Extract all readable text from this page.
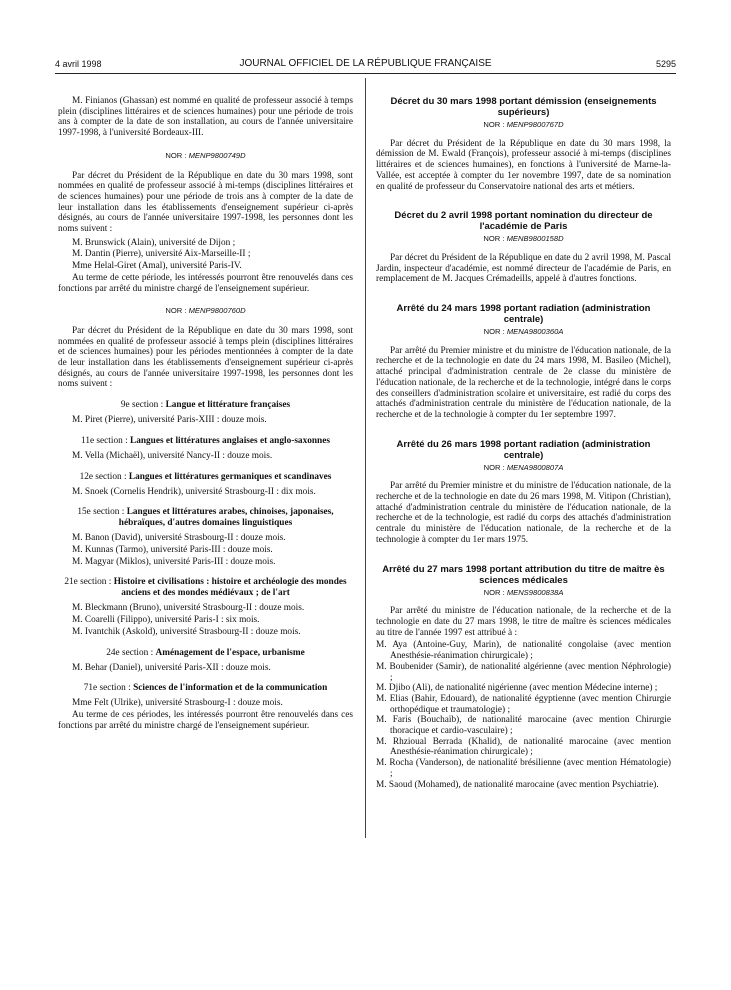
4 avril 1998	JOURNAL OFFICIEL DE LA RÉPUBLIQUE FRANÇAISE	5295

M. Finianos (Ghassan) est nommé en qualité de professeur associé à temps plein (disciplines littéraires et de sciences humaines) pour une période de trois ans à compter de la date de son installation, au cours de l'année universitaire 1997-1998, à l'université Bordeaux-III.

NOR : MENP9800749D

Par décret du Président de la République en date du 30 mars 1998, sont nommées en qualité de professeur associé à mi-temps (disciplines littéraires et de sciences humaines) pour une période de trois ans à compter de la date de leur installation dans les établissements d'enseignement supérieur ci-après désignés, au cours de l'année universitaire 1997-1998, les personnes dont les noms suivent :

M. Brunswick (Alain), université de Dijon ;

M. Dantin (Pierre), université Aix-Marseille-II ;

Mme Helal-Giret (Amal), université Paris-IV.

Au terme de cette période, les intéressés pourront être renouvelés dans ces fonctions par arrêté du ministre chargé de l'enseignement supérieur.

NOR : MENP9800760D

Par décret du Président de la République en date du 30 mars 1998, sont nommées en qualité de professeur associé à temps plein (disciplines littéraires et de sciences humaines) pour les périodes mentionnées à compter de la date de leur installation dans les établissements d'enseignement supérieur ci-après désignés, au cours de l'année universitaire 1997-1998, les personnes dont les noms suivent :

9e section : Langue et littérature françaises

M. Piret (Pierre), université Paris-XIII : douze mois.

11e section : Langues et littératures anglaises et anglo-saxonnes

M. Vella (Michaël), université Nancy-II : douze mois.

12e section : Langues et littératures germaniques et scandinaves

M. Snoek (Cornelis Hendrik), université Strasbourg-II : dix mois.

15e section : Langues et littératures arabes, chinoises, japonaises, hébraïques, d'autres domaines linguistiques

M. Banon (David), université Strasbourg-II : douze mois.

M. Kunnas (Tarmo), université Paris-III : douze mois.

M. Magyar (Miklos), université Paris-III : douze mois.

21e section : Histoire et civilisations : histoire et archéologie des mondes anciens et des mondes médiévaux ; de l'art

M. Bleckmann (Bruno), université Strasbourg-II : douze mois.

M. Coarelli (Filippo), université Paris-I : six mois.

M. Ivantchik (Askold), université Strasbourg-II : douze mois.

24e section : Aménagement de l'espace, urbanisme

M. Behar (Daniel), université Paris-XII : douze mois.

71e section : Sciences de l'information et de la communication

Mme Felt (Ulrike), université Strasbourg-I : douze mois.

Au terme de ces périodes, les intéressés pourront être renouvelés dans ces fonctions par arrêté du ministre chargé de l'enseignement supérieur.

Décret du 30 mars 1998 portant démission (enseignements supérieurs)
NOR : MENP9800767D

Par décret du Président de la République en date du 30 mars 1998, la démission de M. Ewald (François), professeur associé à mi-temps (disciplines littéraires et de sciences humaines), en fonctions à l'université de Marne-la-Vallée, est acceptée à compter du 1er novembre 1997, date de sa nomination en qualité de professeur du Conservatoire national des arts et métiers.

Décret du 2 avril 1998 portant nomination du directeur de l'académie de Paris
NOR : MENB9800158D

Par décret du Président de la République en date du 2 avril 1998, M. Pascal Jardin, inspecteur d'académie, est nommé directeur de l'académie de Paris, en remplacement de M. Jacques Crémadeills, appelé à d'autres fonctions.

Arrêté du 24 mars 1998 portant radiation (administration centrale)
NOR : MENA9800360A

Par arrêté du Premier ministre et du ministre de l'éducation nationale, de la recherche et de la technologie en date du 24 mars 1998, M. Basileo (Michel), attaché principal d'administration centrale de 2e classe du ministère de l'éducation nationale, de la recherche et de la technologie, intégré dans le corps des conseillers d'administration scolaire et universitaire, est radié du corps des attachés d'administration centrale du ministère de l'éducation nationale, de la recherche et de la technologie à compter du 1er septembre 1997.

Arrêté du 26 mars 1998 portant radiation (administration centrale)
NOR : MENA9800807A

Par arrêté du Premier ministre et du ministre de l'éducation nationale, de la recherche et de la technologie en date du 26 mars 1998, M. Vitipon (Christian), attaché d'administration centrale du ministère de l'éducation nationale, de la recherche et de la technologie, est radié du corps des attachés d'administration centrale du ministère de l'éducation nationale, de la recherche et de la technologie à compter du 1er mars 1975.

Arrêté du 27 mars 1998 portant attribution du titre de maître ès sciences médicales
NOR : MENS9800838A

Par arrêté du ministre de l'éducation nationale, de la recherche et de la technologie en date du 27 mars 1998, le titre de maître ès sciences médicales au titre de l'année 1997 est attribué à :

M. Aya (Antoine-Guy, Marin), de nationalité congolaise (avec mention Anesthésie-réanimation chirurgicale) ;

M. Boubenider (Samir), de nationalité algérienne (avec mention Néphrologie) ;

M. Djibo (Ali), de nationalité nigérienne (avec mention Médecine interne) ;

M. Elias (Bahir, Edouard), de nationalité égyptienne (avec mention Chirurgie orthopédique et traumatologie) ;

M. Faris (Bouchaïb), de nationalité marocaine (avec mention Chirurgie thoracique et cardio-vasculaire) ;

M. Rhzioual Berrada (Khalid), de nationalité marocaine (avec mention Anesthésie-réanimation chirurgicale) ;

M. Rocha (Vanderson), de nationalité brésilienne (avec mention Hématologie) ;

M. Saoud (Mohamed), de nationalité marocaine (avec mention Psychiatrie).
